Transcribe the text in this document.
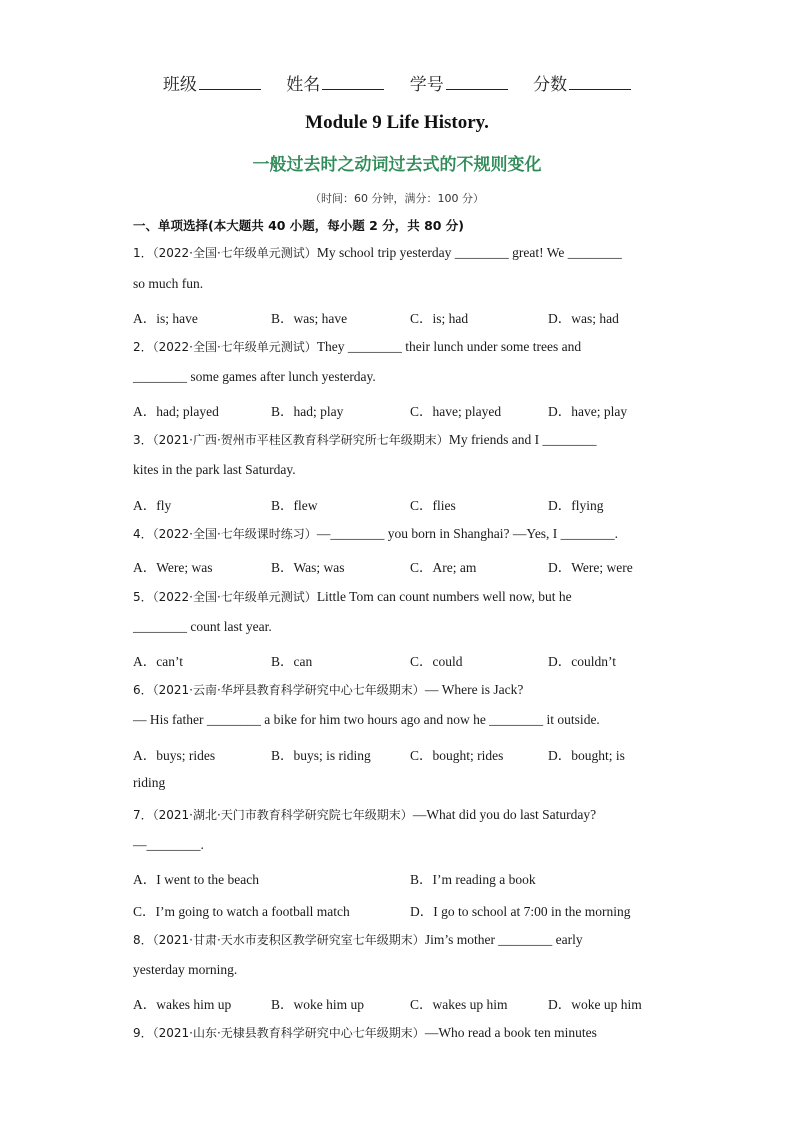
班级	姓名	学号	分数
Module 9 Life History.
一般过去时之动词过去式的不规则变化
（时间：60 分钟，满分：100 分）
一、单项选择(本大题共 40 小题，每小题 2 分，共 80 分)
1．（2022·全国·七年级单元测试）My school trip yesterday ________ great! We ________
so much fun.
A．is; have	B．was; have	C．is; had	D．was; had
2．（2022·全国·七年级单元测试）They ________ their lunch under some trees and
________ some games after lunch yesterday.
A．had; played	B．had; play	C．have; played	D．have; play
3．（2021·广西·贺州市平桂区教育科学研究所七年级期末）My friends and I ________
kites in the park last Saturday.
A．fly	B．flew	C．flies	D．flying
4．（2022·全国·七年级课时练习）—________ you born in Shanghai? —Yes, I ________.
A．Were; was	B．Was; was	C．Are; am	D．Were; were
5．（2022·全国·七年级单元测试）Little Tom can count numbers well now, but he
________ count last year.
A．can’t	B．can	C．could	D．couldn’t
6．（2021·云南·华坪县教育科学研究中心七年级期末）— Where is Jack?
— His father ________ a bike for him two hours ago and now he ________ it outside.
A．buys; rides	B．buys; is riding	C．bought; rides	D．bought; is
riding
7．（2021·湖北·天门市教育科学研究院七年级期末）—What did you do last Saturday?
—________.
A．I went to the beach	B．I’m reading a book
C．I’m going to watch a football match	D．I go to school at 7:00 in the morning
8．（2021·甘肃·天水市麦积区教学研究室七年级期末）Jim’s mother ________ early
yesterday morning.
A．wakes him up	B．woke him up	C．wakes up him	D．woke up him
9．（2021·山东·无棣县教育科学研究中心七年级期末）—Who read a book ten minutes
